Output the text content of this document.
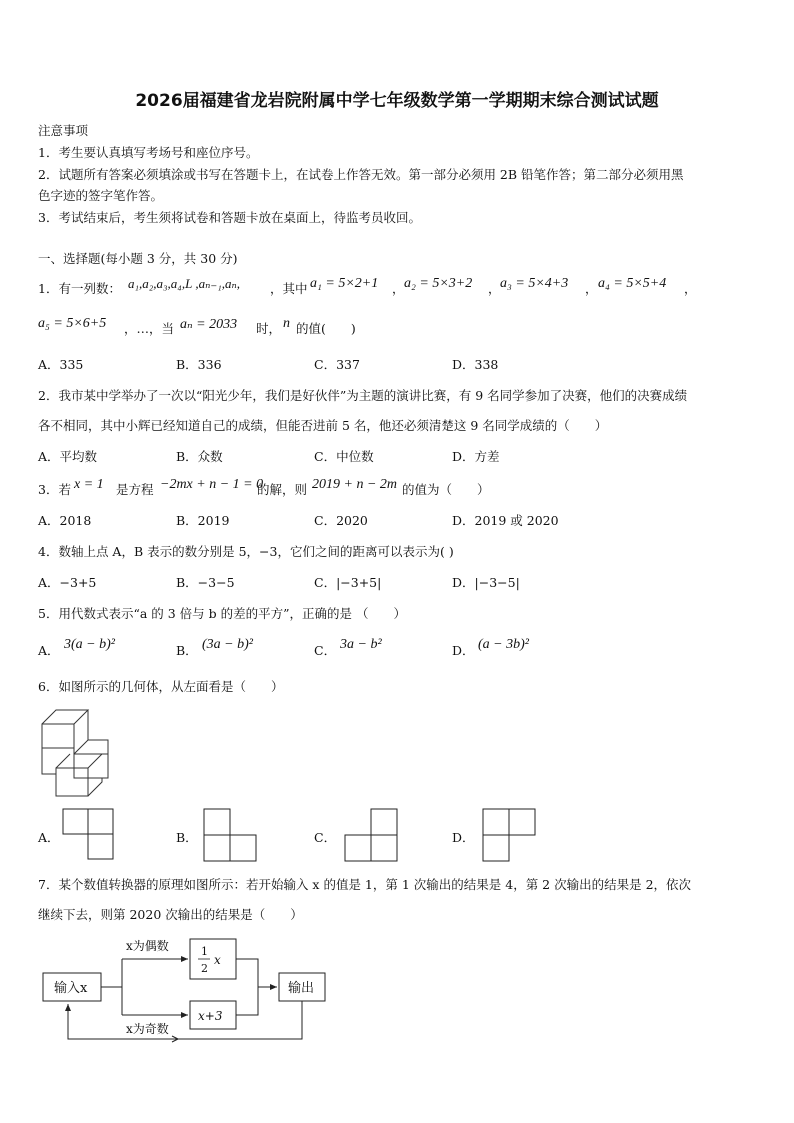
2026届福建省龙岩院附属中学七年级数学第一学期期末综合测试试题
注意事项
1．考生要认真填写考场号和座位序号。
2．试题所有答案必须填涂或书写在答题卡上，在试卷上作答无效。第一部分必须用 2B 铅笔作答；第二部分必须用黑
色字迹的签字笔作答。
3．考试结束后，考生须将试卷和答题卡放在桌面上，待监考员收回。
一、选择题(每小题 3 分，共 30 分)
1．有一列数： a₁,a₂,a₃,a₄,L ,aₙ₋₁,aₙ, ，其中 a₁ = 5×2+1 ， a₂ = 5×3+2 ， a₃ = 5×4+3 ， a₄ = 5×5+4 ，
a₅ = 5×6+5 ，…，当 aₙ = 2033 时， n 的值(　　)
A．335	B．336	C．337	D．338
2．我市某中学举办了一次以“阳光少年，我们是好伙伴”为主题的演讲比赛，有 9 名同学参加了决赛，他们的决赛成绩
各不相同，其中小辉已经知道自己的成绩，但能否进前 5 名，他还必须清楚这 9 名同学成绩的（　　）
A．平均数	B．众数	C．中位数	D．方差
3．若 x = 1 是方程 −2mx + n − 1 = 0
的解，则 2019 + n − 2m 的值为（　　）
A．2018	B．2019	C．2020	D．2019 或 2020
4．数轴上点 A，B 表示的数分别是 5，−3，它们之间的距离可以表示为( )
A．−3+5	B．−3−5	C．|−3+5|	D．|−3−5|
5．用代数式表示“a 的 3 倍与 b 的差的平方”，正确的是 （　　）
A． 3(a − b)²	B． (3a − b)²	C． 3a − b²	D． (a − 3b)²
6．如图所示的几何体，从左面看是（　　）
A．	B．	C．	D．
7．某个数值转换器的原理如图所示：若开始输入 x 的值是 1，第 1 次输出的结果是 4，第 2 次输出的结果是 2，依次
继续下去，则第 2020 次输出的结果是（　　）
输入x
x为偶数	1
2
x
x+3
x为奇数
输出
